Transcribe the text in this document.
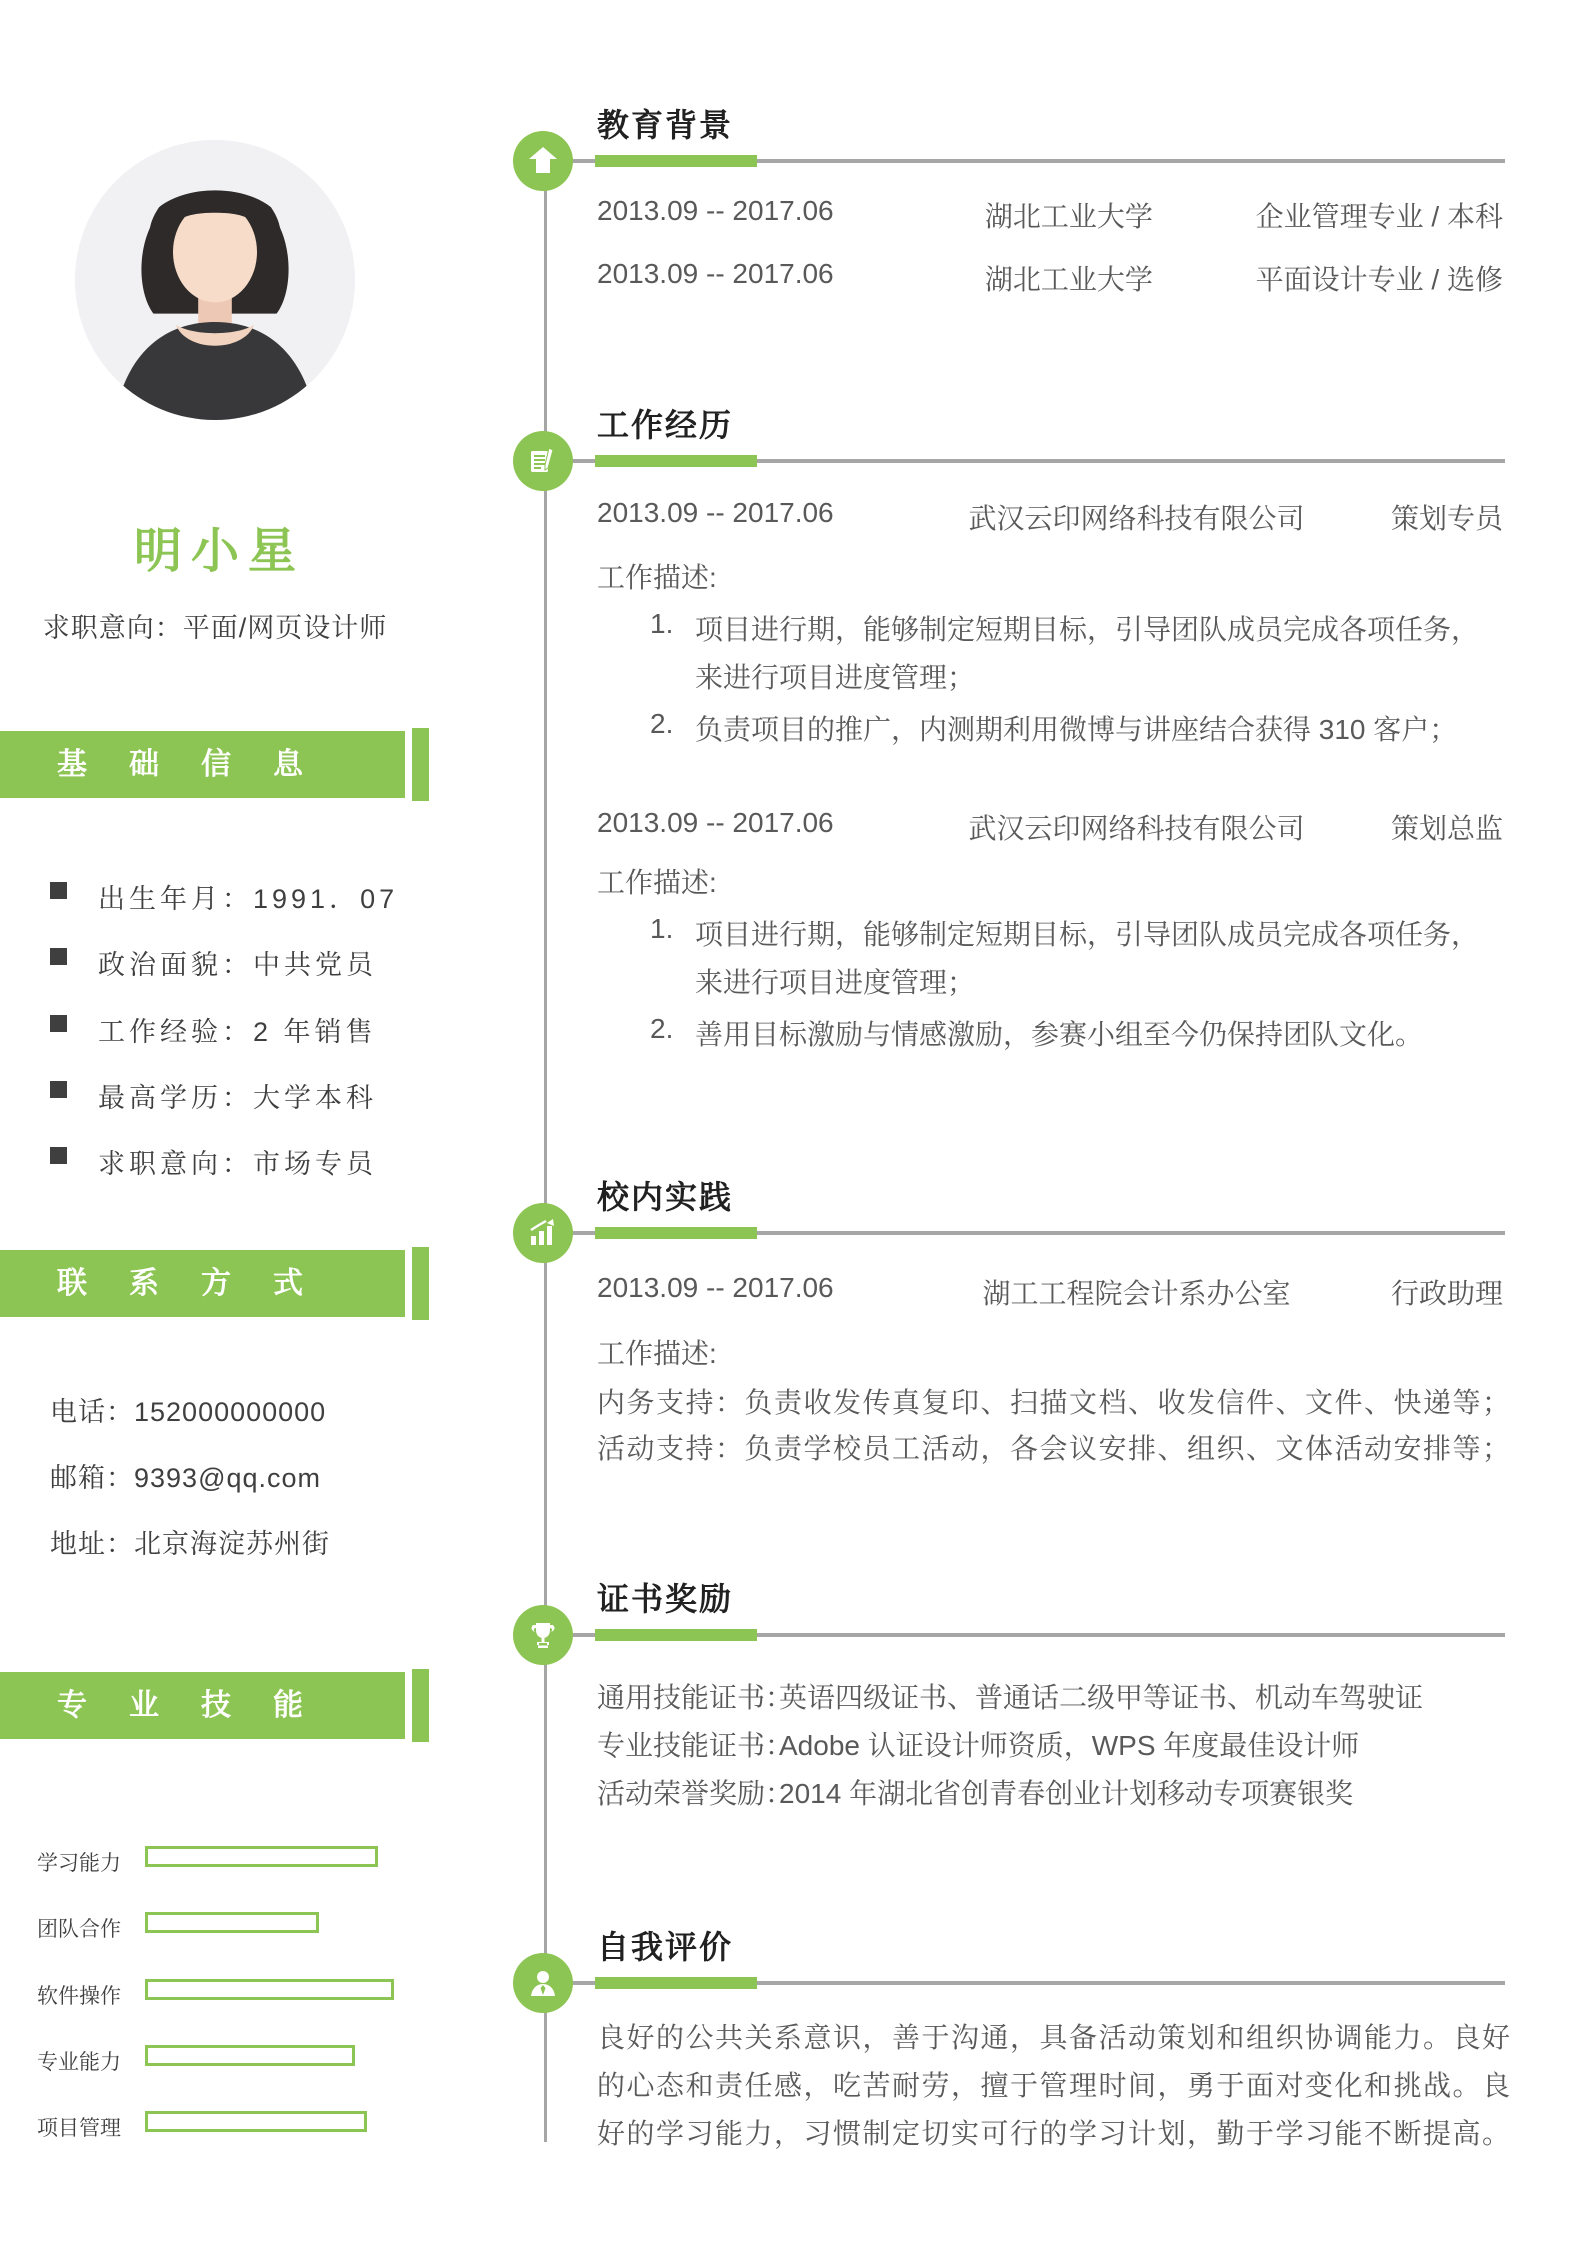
明小星
求职意向：平面/网页设计师
基础信息
出生年月：1991．07
政治面貌：中共党员
工作经验：2 年销售
最高学历：大学本科
求职意向：市场专员
联系方式
电话：152000000000
邮箱：9393@qq.com
地址：北京海淀苏州街
专业技能
学习能力
团队合作
软件操作
专业能力
项目管理
教育背景
2013.09 -- 2017.06	湖北工业大学	企业管理专业 / 本科
2013.09 -- 2017.06	湖北工业大学	平面设计专业 / 选修
工作经历
2013.09 -- 2017.06	武汉云印网络科技有限公司	策划专员
工作描述:
1. 项目进行期，能够制定短期目标，引导团队成员完成各项任务，
来进行项目进度管理；
2. 负责项目的推广，内测期利用微博与讲座结合获得 310 客户；
2013.09 -- 2017.06	武汉云印网络科技有限公司	策划总监
工作描述:
1. 项目进行期，能够制定短期目标，引导团队成员完成各项任务，
来进行项目进度管理；
2. 善用目标激励与情感激励，参赛小组至今仍保持团队文化。
校内实践
2013.09 -- 2017.06	湖工工程院会计系办公室	行政助理
工作描述:
内务支持：负责收发传真复印、扫描文档、收发信件、文件、快递等；
活动支持：负责学校员工活动，各会议安排、组织、文体活动安排等；
证书奖励
通用技能证书：
英语四级证书、普通话二级甲等证书、机动车驾驶证
专业技能证书：
Adobe 认证设计师资质，WPS 年度最佳设计师
活动荣誉奖励：
2014 年湖北省创青春创业计划移动专项赛银奖
自我评价
良好的公共关系意识，善于沟通，具备活动策划和组织协调能力。良好
的心态和责任感，吃苦耐劳，擅于管理时间，勇于面对变化和挑战。良
好的学习能力，习惯制定切实可行的学习计划，勤于学习能不断提高。
